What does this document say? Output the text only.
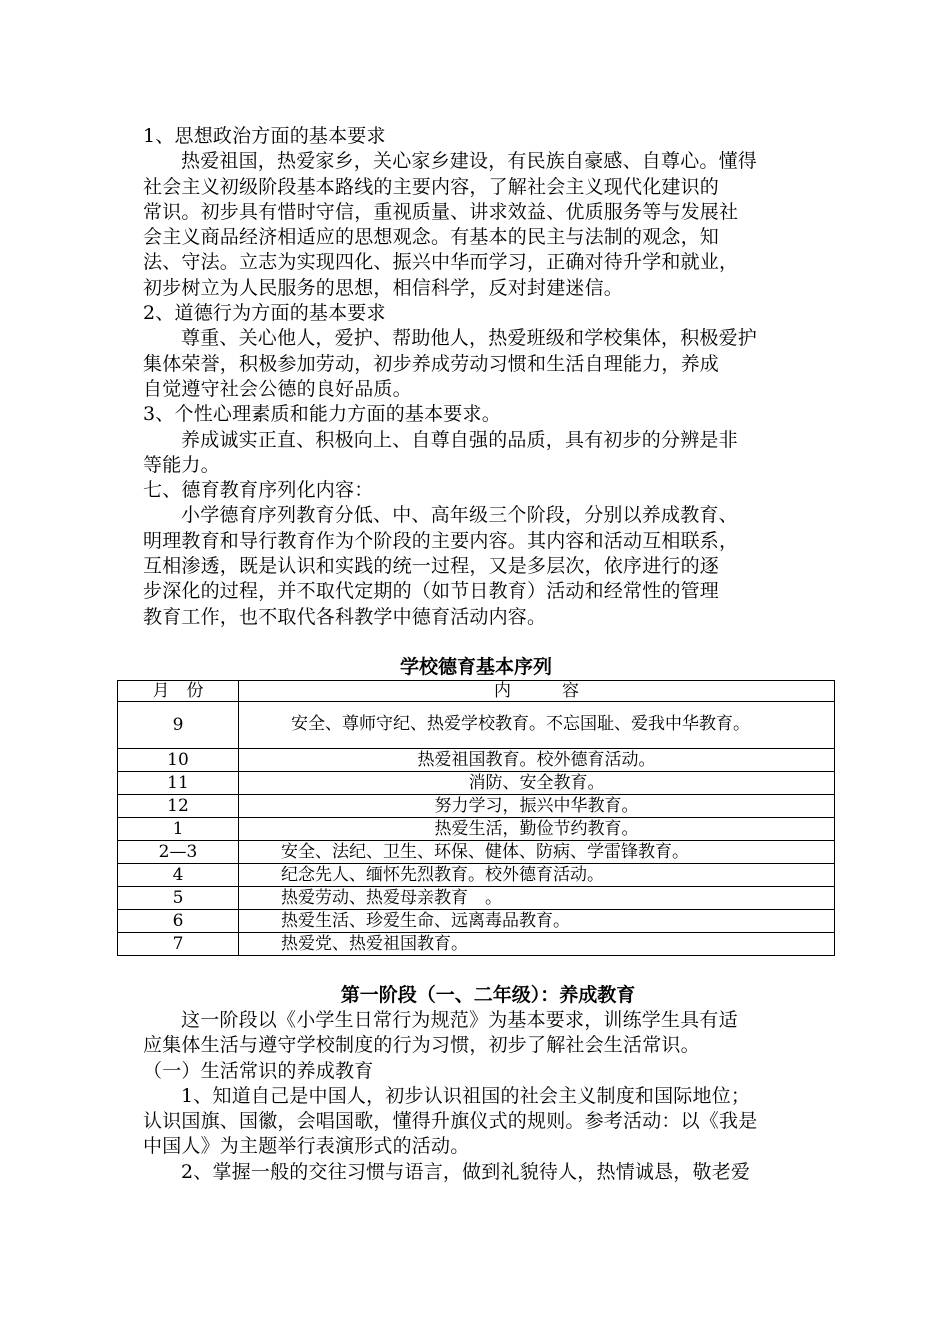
1、思想政治方面的基本要求
热爱祖国，热爱家乡，关心家乡建设，有民族自豪感、自尊心。懂得
社会主义初级阶段基本路线的主要内容，了解社会主义现代化建识的
常识。初步具有惜时守信，重视质量、讲求效益、优质服务等与发展社
会主义商品经济相适应的思想观念。有基本的民主与法制的观念，知
法、守法。立志为实现四化、振兴中华而学习，正确对待升学和就业，
初步树立为人民服务的思想，相信科学，反对封建迷信。
2、道德行为方面的基本要求
尊重、关心他人，爱护、帮助他人，热爱班级和学校集体，积极爱护
集体荣誉，积极参加劳动，初步养成劳动习惯和生活自理能力，养成
自觉遵守社会公德的良好品质。
3、个性心理素质和能力方面的基本要求。
养成诚实正直、积极向上、自尊自强的品质，具有初步的分辨是非
等能力。
七、德育教育序列化内容：
小学德育序列教育分低、中、高年级三个阶段，分别以养成教育、
明理教育和导行教育作为个阶段的主要内容。其内容和活动互相联系，
互相渗透，既是认识和实践的统一过程，又是多层次，依序进行的逐
步深化的过程，并不取代定期的（如节日教育）活动和经常性的管理
教育工作，也不取代各科教学中德育活动内容。
学校德育基本序列
月　份	内　　　容
9	安全、尊师守纪、热爱学校教育。不忘国耻、爱我中华教育。
10	热爱祖国教育。校外德育活动。
11	消防、安全教育。
12	努力学习，振兴中华教育。
1	热爱生活，勤俭节约教育。
2—3	安全、法纪、卫生、环保、健体、防病、学雷锋教育。
4	纪念先人、缅怀先烈教育。校外德育活动。
5	热爱劳动、热爱母亲教育　。
6	热爱生活、珍爱生命、远离毒品教育。
7	热爱党、热爱祖国教育。
第一阶段（一、二年级）：养成教育
这一阶段以《小学生日常行为规范》为基本要求，训练学生具有适
应集体生活与遵守学校制度的行为习惯，初步了解社会生活常识。
（一）生活常识的养成教育
1、知道自己是中国人，初步认识祖国的社会主义制度和国际地位；
认识国旗、国徽，会唱国歌，懂得升旗仪式的规则。参考活动：以《我是
中国人》为主题举行表演形式的活动。
2、掌握一般的交往习惯与语言，做到礼貌待人，热情诚恳，敬老爱
